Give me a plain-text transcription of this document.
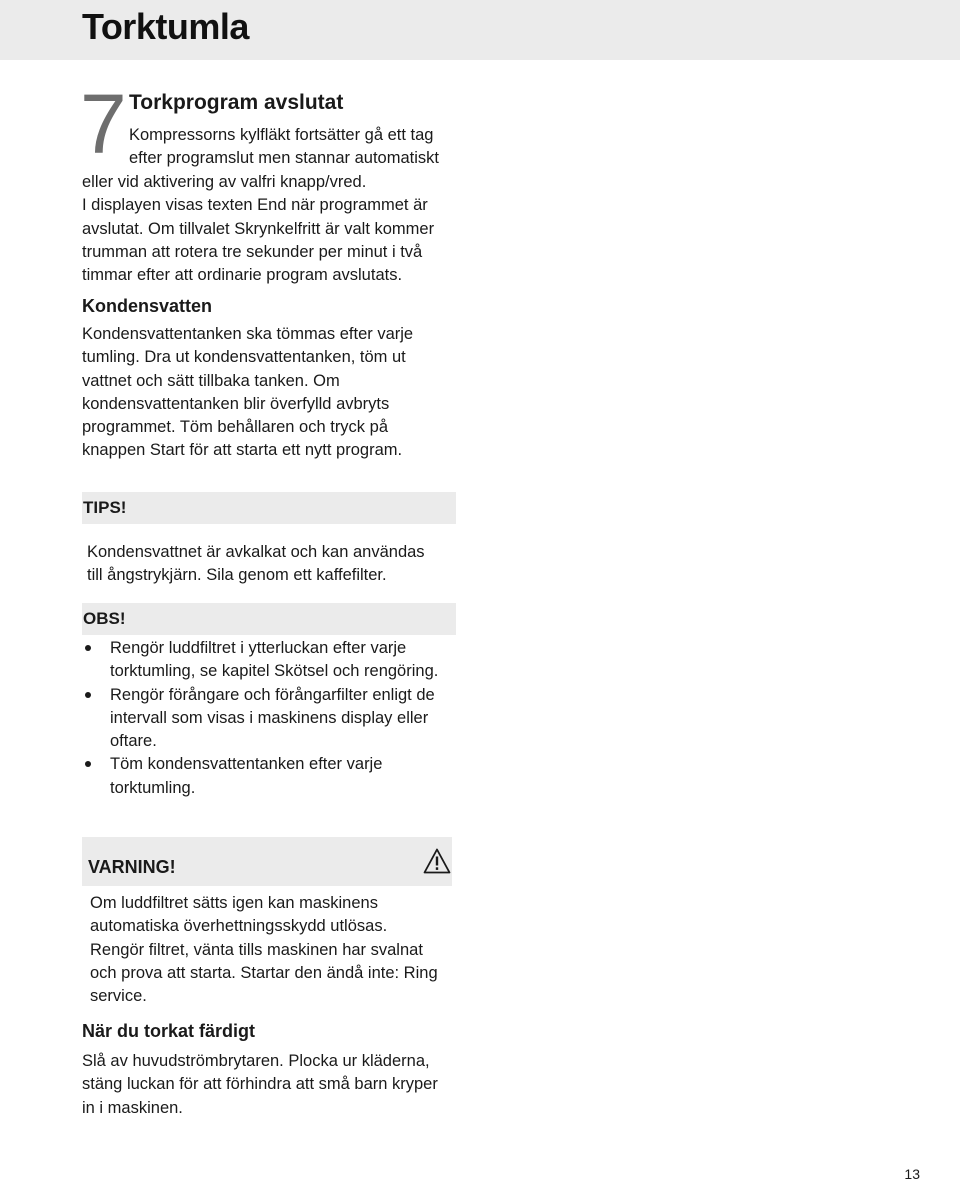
Torktumla
7 Torkprogram avslutat
Kompressorns kylfläkt fortsätter gå ett tag
efter programslut men stannar automatiskt
eller vid aktivering av valfri knapp/vred.
I displayen visas texten End när programmet är
avslutat. Om tillvalet Skrynkelfritt är valt kommer
trumman att rotera tre sekunder per minut i två
timmar efter att ordinarie program avslutats.
Kondensvatten
Kondensvattentanken ska tömmas efter varje
tumling. Dra ut kondensvattentanken, töm ut
vattnet och sätt tillbaka tanken. Om
kondensvattentanken blir överfylld avbryts
programmet. Töm behållaren och tryck på
knappen Start för att starta ett nytt program.
TIPS!
Kondensvattnet är avkalkat och kan användas
till ångstrykjärn. Sila genom ett kaffefilter.
OBS!
Rengör luddfiltret i ytterluckan efter varje
torktumling, se kapitel Skötsel och rengöring.
Rengör förångare och förångarfilter enligt de
intervall som visas i maskinens display eller
oftare.
Töm kondensvattentanken efter varje
torktumling.
VARNING!
Om luddfiltret sätts igen kan maskinens
automatiska överhettningsskydd utlösas.
Rengör filtret, vänta tills maskinen har svalnat
och prova att starta. Startar den ändå inte: Ring
service.
När du torkat färdigt
Slå av huvudströmbrytaren. Plocka ur kläderna,
stäng luckan för att förhindra att små barn kryper
in i maskinen.
13
